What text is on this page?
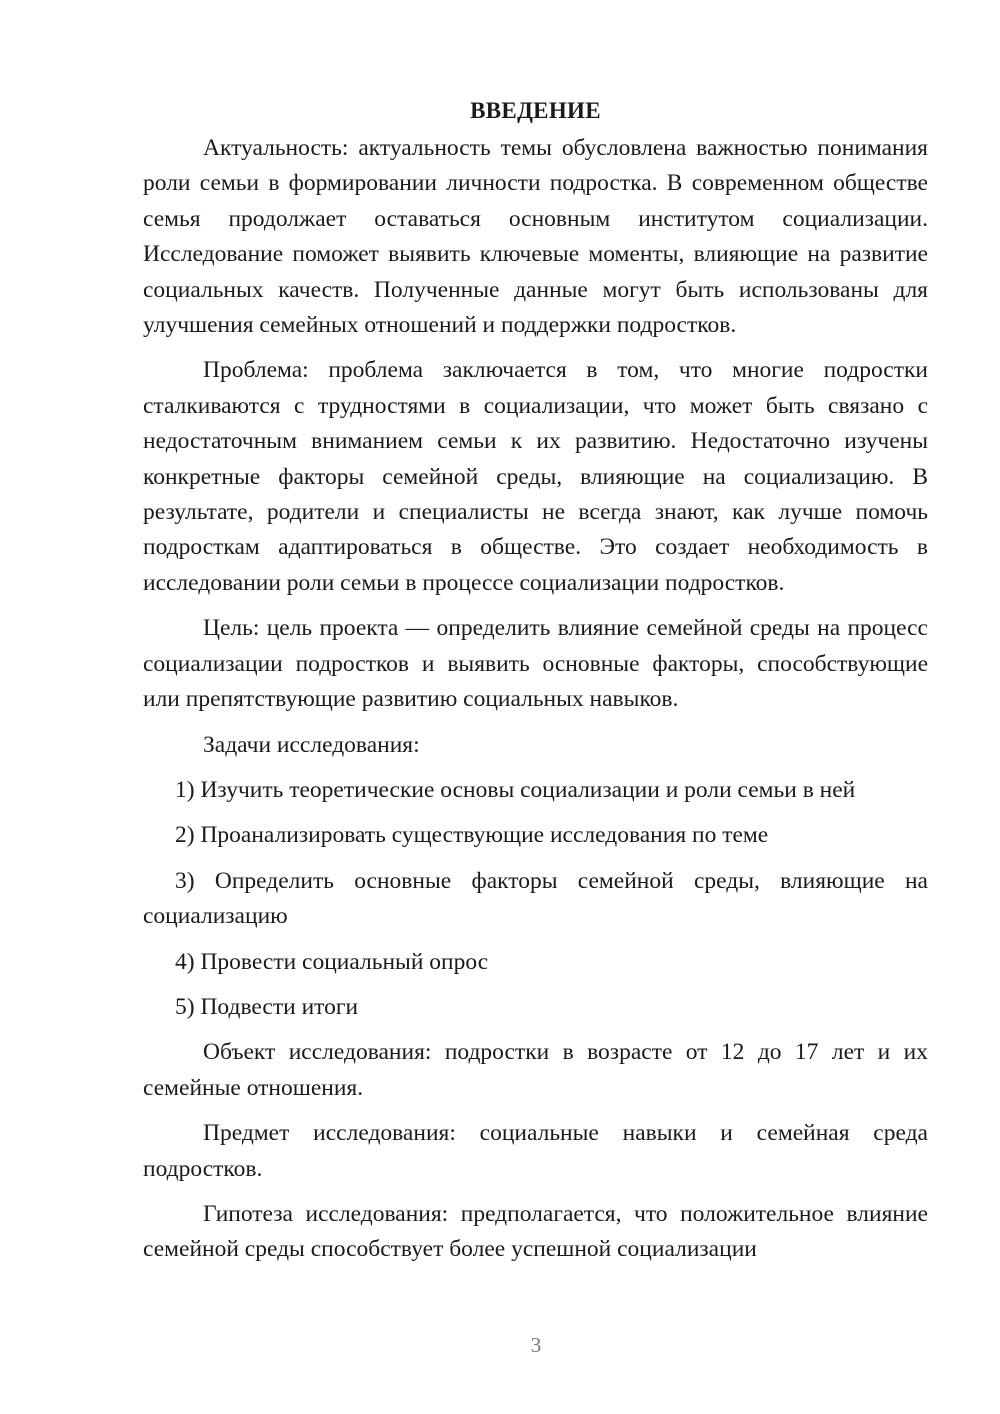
ВВЕДЕНИЕ

Актуальность: актуальность темы обусловлена важностью понимания роли семьи в формировании личности подростка. В современном обществе семья продолжает оставаться основным институтом социализации. Исследование поможет выявить ключевые моменты, влияющие на развитие социальных качеств. Полученные данные могут быть использованы для улучшения семейных отношений и поддержки подростков.

Проблема: проблема заключается в том, что многие подростки сталкиваются с трудностями в социализации, что может быть связано с недостаточным вниманием семьи к их развитию. Недостаточно изучены конкретные факторы семейной среды, влияющие на социализацию. В результате, родители и специалисты не всегда знают, как лучше помочь подросткам адаптироваться в обществе. Это создает необходимость в исследовании роли семьи в процессе социализации подростков.

Цель: цель проекта — определить влияние семейной среды на процесс социализации подростков и выявить основные факторы, способствующие или препятствующие развитию социальных навыков.

Задачи исследования:

1) Изучить теоретические основы социализации и роли семьи в ней

2) Проанализировать существующие исследования по теме

3) Определить основные факторы семейной среды, влияющие на социализацию

4) Провести социальный опрос

5) Подвести итоги

Объект исследования: подростки в возрасте от 12 до 17 лет и их семейные отношения.

Предмет исследования: социальные навыки и семейная среда подростков.

Гипотеза исследования: предполагается, что положительное влияние семейной среды способствует более успешной социализации

3
